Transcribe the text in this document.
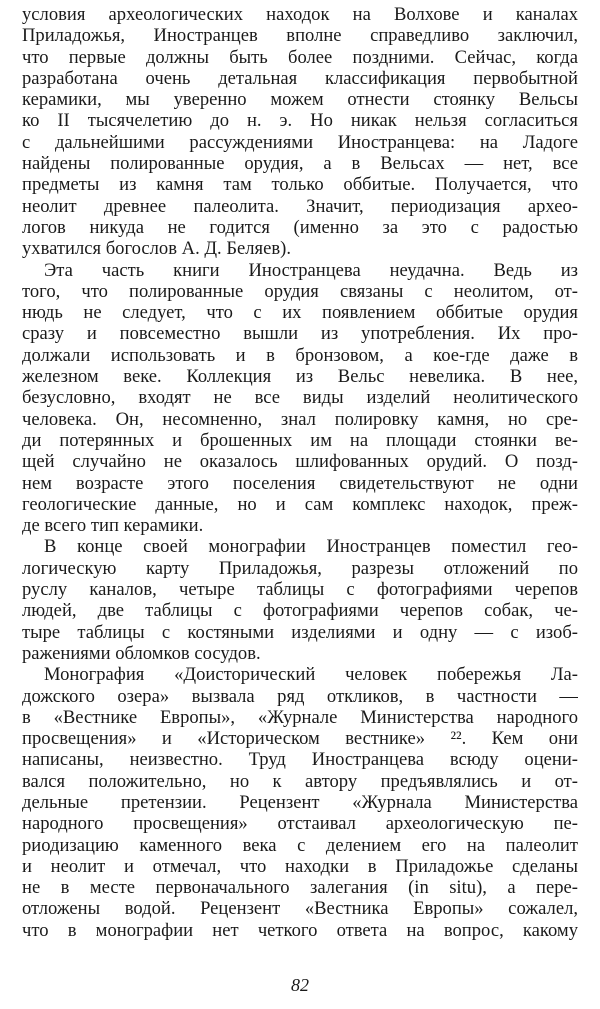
условия археологических находок на Волхове и каналах
Приладожья, Иностранцев вполне справедливо заключил,
что первые должны быть более поздними. Сейчас, когда
разработана очень детальная классификация первобытной
керамики, мы уверенно можем отнести стоянку Вельсы
ко II тысячелетию до н. э. Но никак нельзя согласиться
с дальнейшими рассуждениями Иностранцева: на Ладоге
найдены полированные орудия, а в Вельсах — нет, все
предметы из камня там только оббитые. Получается, что
неолит древнее палеолита. Значит, периодизация архео-
логов никуда не годится (именно за это с радостью
ухватился богослов А. Д. Беляев).
Эта часть книги Иностранцева неудачна. Ведь из
того, что полированные орудия связаны с неолитом, от-
нюдь не следует, что с их появлением оббитые орудия
сразу и повсеместно вышли из употребления. Их про-
должали использовать и в бронзовом, а кое-где даже в
железном веке. Коллекция из Вельс невелика. В нее,
безусловно, входят не все виды изделий неолитического
человека. Он, несомненно, знал полировку камня, но сре-
ди потерянных и брошенных им на площади стоянки ве-
щей случайно не оказалось шлифованных орудий. О позд-
нем возрасте этого поселения свидетельствуют не одни
геологические данные, но и сам комплекс находок, преж-
де всего тип керамики.
В конце своей монографии Иностранцев поместил гео-
логическую карту Приладожья, разрезы отложений по
руслу каналов, четыре таблицы с фотографиями черепов
людей, две таблицы с фотографиями черепов собак, че-
тыре таблицы с костяными изделиями и одну — с изоб-
ражениями обломков сосудов.
Монография «Доисторический человек побережья Ла-
дожского озера» вызвала ряд откликов, в частности —
в «Вестнике Европы», «Журнале Министерства народного
просвещения» и «Историческом вестнике» ²². Кем они
написаны, неизвестно. Труд Иностранцева всюду оцени-
вался положительно, но к автору предъявлялись и от-
дельные претензии. Рецензент «Журнала Министерства
народного просвещения» отстаивал археологическую пе-
риодизацию каменного века с делением его на палеолит
и неолит и отмечал, что находки в Приладожье сделаны
не в месте первоначального залегания (in situ), а пере-
отложены водой. Рецензент «Вестника Европы» сожалел,
что в монографии нет четкого ответа на вопрос, какому
82
